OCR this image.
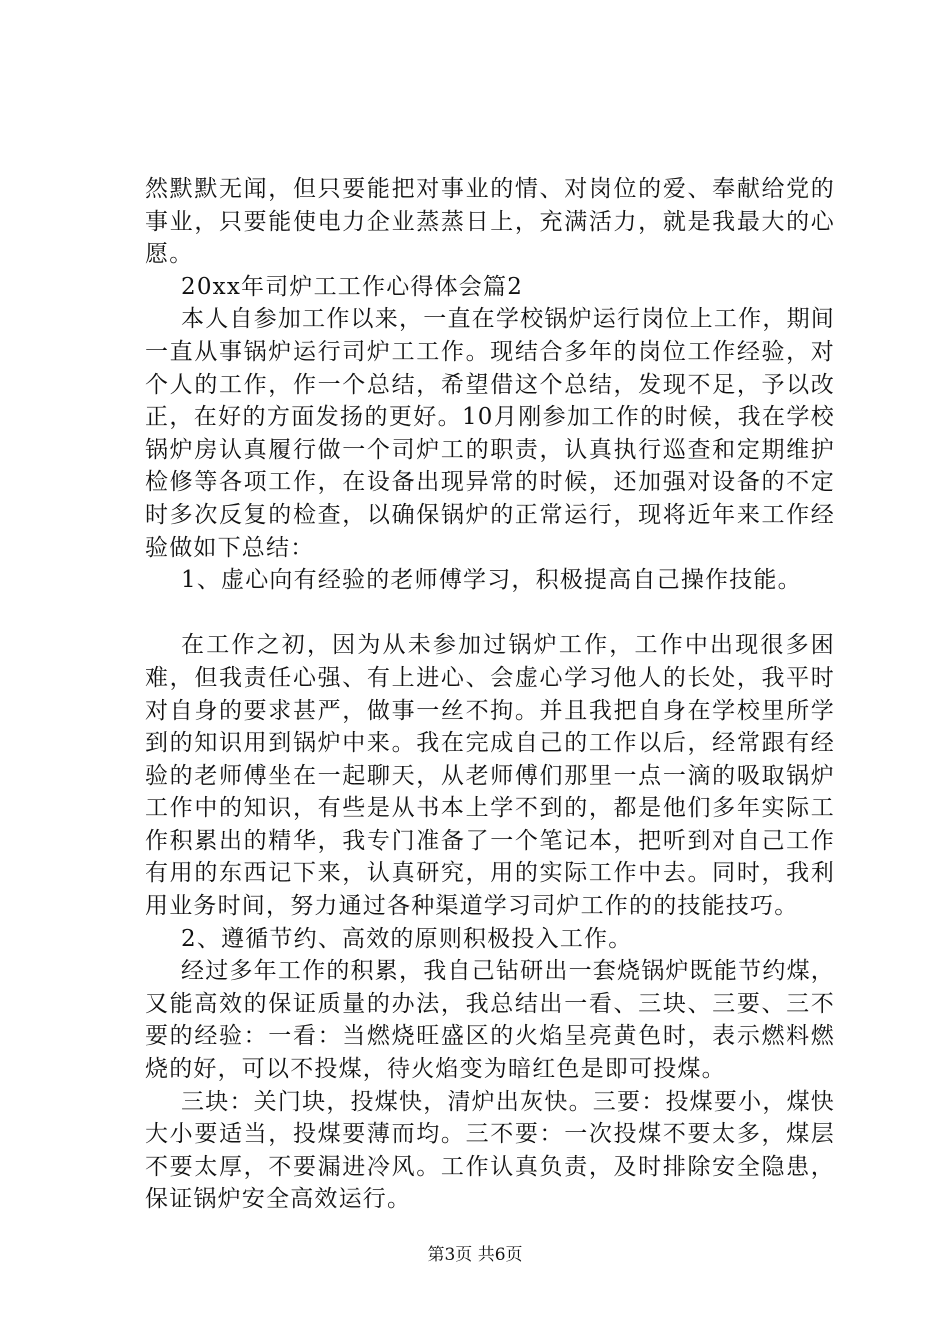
然默默无闻，但只要能把对事业的情、对岗位的爱、奉献给党的事业，只要能使电力企业蒸蒸日上，充满活力，就是我最大的心愿。

20xx年司炉工工作心得体会篇2

本人自参加工作以来，一直在学校锅炉运行岗位上工作，期间一直从事锅炉运行司炉工工作。现结合多年的岗位工作经验，对个人的工作，作一个总结，希望借这个总结，发现不足，予以改正，在好的方面发扬的更好。10月刚参加工作的时候，我在学校锅炉房认真履行做一个司炉工的职责，认真执行巡查和定期维护检修等各项工作，在设备出现异常的时候，还加强对设备的不定时多次反复的检查，以确保锅炉的正常运行，现将近年来工作经验做如下总结：

1、虚心向有经验的老师傅学习，积极提高自己操作技能。

在工作之初，因为从未参加过锅炉工作，工作中出现很多困难，但我责任心强、有上进心、会虚心学习他人的长处，我平时对自身的要求甚严，做事一丝不拘。并且我把自身在学校里所学到的知识用到锅炉中来。我在完成自己的工作以后，经常跟有经验的老师傅坐在一起聊天，从老师傅们那里一点一滴的吸取锅炉工作中的知识，有些是从书本上学不到的，都是他们多年实际工作积累出的精华，我专门准备了一个笔记本，把听到对自己工作有用的东西记下来，认真研究，用的实际工作中去。同时，我利用业务时间，努力通过各种渠道学习司炉工作的的技能技巧。

2、遵循节约、高效的原则积极投入工作。

经过多年工作的积累，我自己钻研出一套烧锅炉既能节约煤，又能高效的保证质量的办法，我总结出一看、三块、三要、三不要的经验：一看：当燃烧旺盛区的火焰呈亮黄色时，表示燃料燃烧的好，可以不投煤，待火焰变为暗红色是即可投煤。

三块：关门块，投煤快，清炉出灰快。三要：投煤要小，煤快大小要适当，投煤要薄而均。三不要：一次投煤不要太多，煤层不要太厚，不要漏进冷风。工作认真负责，及时排除安全隐患，保证锅炉安全高效运行。

第3页 共6页
